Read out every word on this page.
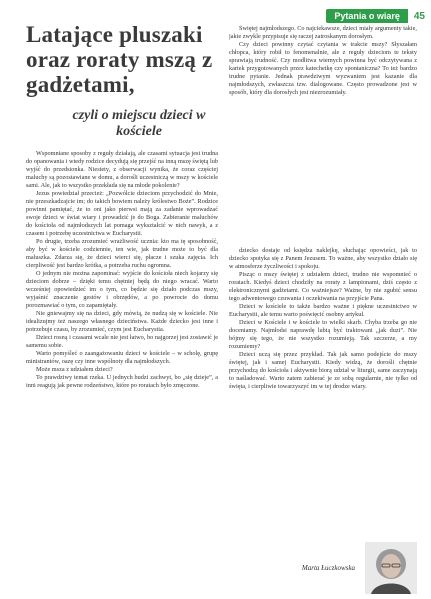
Pytania o wiarę	45
Latające pluszaki oraz roraty mszą z gadżetami,
czyli o miejscu dzieci w kościele

Wspomniane sposoby z reguły działają, ale czasami sytuacja jest trudna do opanowania i wtedy rodzice decydują się przejść na inną mszę świętą lub wyjść do przedsionka. Niestety, z obserwacji wynika, że coraz częściej maluchy są pozostawiane w domu, a dorośli uczestniczą w mszy w kościele sami. Ale, jak to wszystko przekłada się na młode pokolenie?

Jezus powiedział przecież: „Pozwólcie dzieciom przychodzić do Mnie, nie przeszkadzajcie im; do takich bowiem należy królestwo Boże”. Rodzice powinni pamiętać, że to oni jako pierwsi mają za zadanie wprowadzać swoje dzieci w świat wiary i prowadzić je do Boga. Zabieranie maluchów do kościoła od najmłodszych lat pomaga wykształcić w nich nawyk, a z czasem i potrzebę uczestnictwa w Eucharystii.

Po drugie, trzeba zrozumieć wrażliwość ucznia: kto ma tę sposobność, aby być w kościele codziennie, ten wie, jak trudne może to być dla maluszka. Zdarza się, że dzieci wierci się, płacze i szuka zajęcia. Ich cierpliwość jest bardzo krótka, a potrzeba ruchu ogromna.

O jednym nie można zapominać: wyjście do kościoła niech kojarzy się dzieciom dobrze – dzięki temu chętniej będą do niego wracać. Warto wcześniej opowiedzieć im o tym, co będzie się działo podczas mszy, wyjaśnić znaczenie gestów i obrzędów, a po powrocie do domu porozmawiać o tym, co zapamiętały.

Nie gniewajmy się na dzieci, gdy mówią, że nudzą się w kościele. Nie idealizujmy też naszego własnego dzieciństwa. Każde dziecko jest inne i potrzebuje czasu, by zrozumieć, czym jest Eucharystia.

Dzieci rosną i czasami wcale nie jest łatwo, bo najgorzej jest zostawić je samemu sobie.

Warto pomyśleć o zaangażowaniu dzieci w kościele – w scholę, grupę ministrantów, oazę czy inne wspólnoty dla najmłodszych.

Może msza z udziałem dzieci?

To prawdziwy temat rzeka. U jednych budzi zachwyt, bo „się dzieje”, a inni reagują jak pewne rodzeństwo, które po roratach było zmęczone.

Świętej najmłodszego. Co najciekawsze, dzieci miały argumenty takie, jakie zwykle przypisuje się raczej zatroskanym dorosłym.

Czy dzieci powinny czytać czytania w trakcie mszy? Słyszałam chłopca, który robił to fenomenalnie, ale z reguły dzieciom te teksty sprawiają trudność. Czy modlitwa wiernych powinna być odczytywana z kartek przygotowanych przez katechetkę czy spontaniczna? To też bardzo trudne pytanie. Jednak prawdziwym wyzwaniem jest kazanie dla najmłodszych, zwłaszcza tzw. dialogowane. Często prowadzone jest w sposób, który dla dorosłych jest niezrozumiały.

dziecko dostaje od księdza naklejkę, słuchając opowieści, jak to dziecko spotyka się z Panem Jezusem. To ważne, aby wszystko działo się w atmosferze życzliwości i spokoju.

Pisząc o mszy świętej z udziałem dzieci, trudno nie wspomnieć o roratach. Kiedyś dzieci chodziły na roraty z lampionami, dziś często z elektronicznymi gadżetami. Co ważniejsze? Ważne, by nie zgubić sensu tego adwentowego czuwania i oczekiwania na przyjście Pana.

Dzieci w kościele to także bardzo ważne i piękne uczestnictwo w Eucharystii, ale temu warto poświęcić osobny artykuł.

Dzieci w Kościele i w kościele to wielki skarb. Chyba trzeba go nie doceniamy. Najmłodsi naprawdę lubią być traktowani „jak duzi”. Nie bójmy się tego, że nie wszystko rozumieją. Tak szczerze, a my rozumiemy?

Dzieci uczą się przez przykład. Tak jak samo podejście do mszy świętej, jak i samej Eucharystii. Kiedy widzą, że dorośli chętnie przychodzą do kościoła i aktywnie biorą udział w liturgii, same zaczynają to naśladować. Warto zatem zabierać je ze sobą regularnie, nie tylko od święta, i cierpliwie towarzyszyć im w tej drodze wiary.

Marta Łuczkowska
